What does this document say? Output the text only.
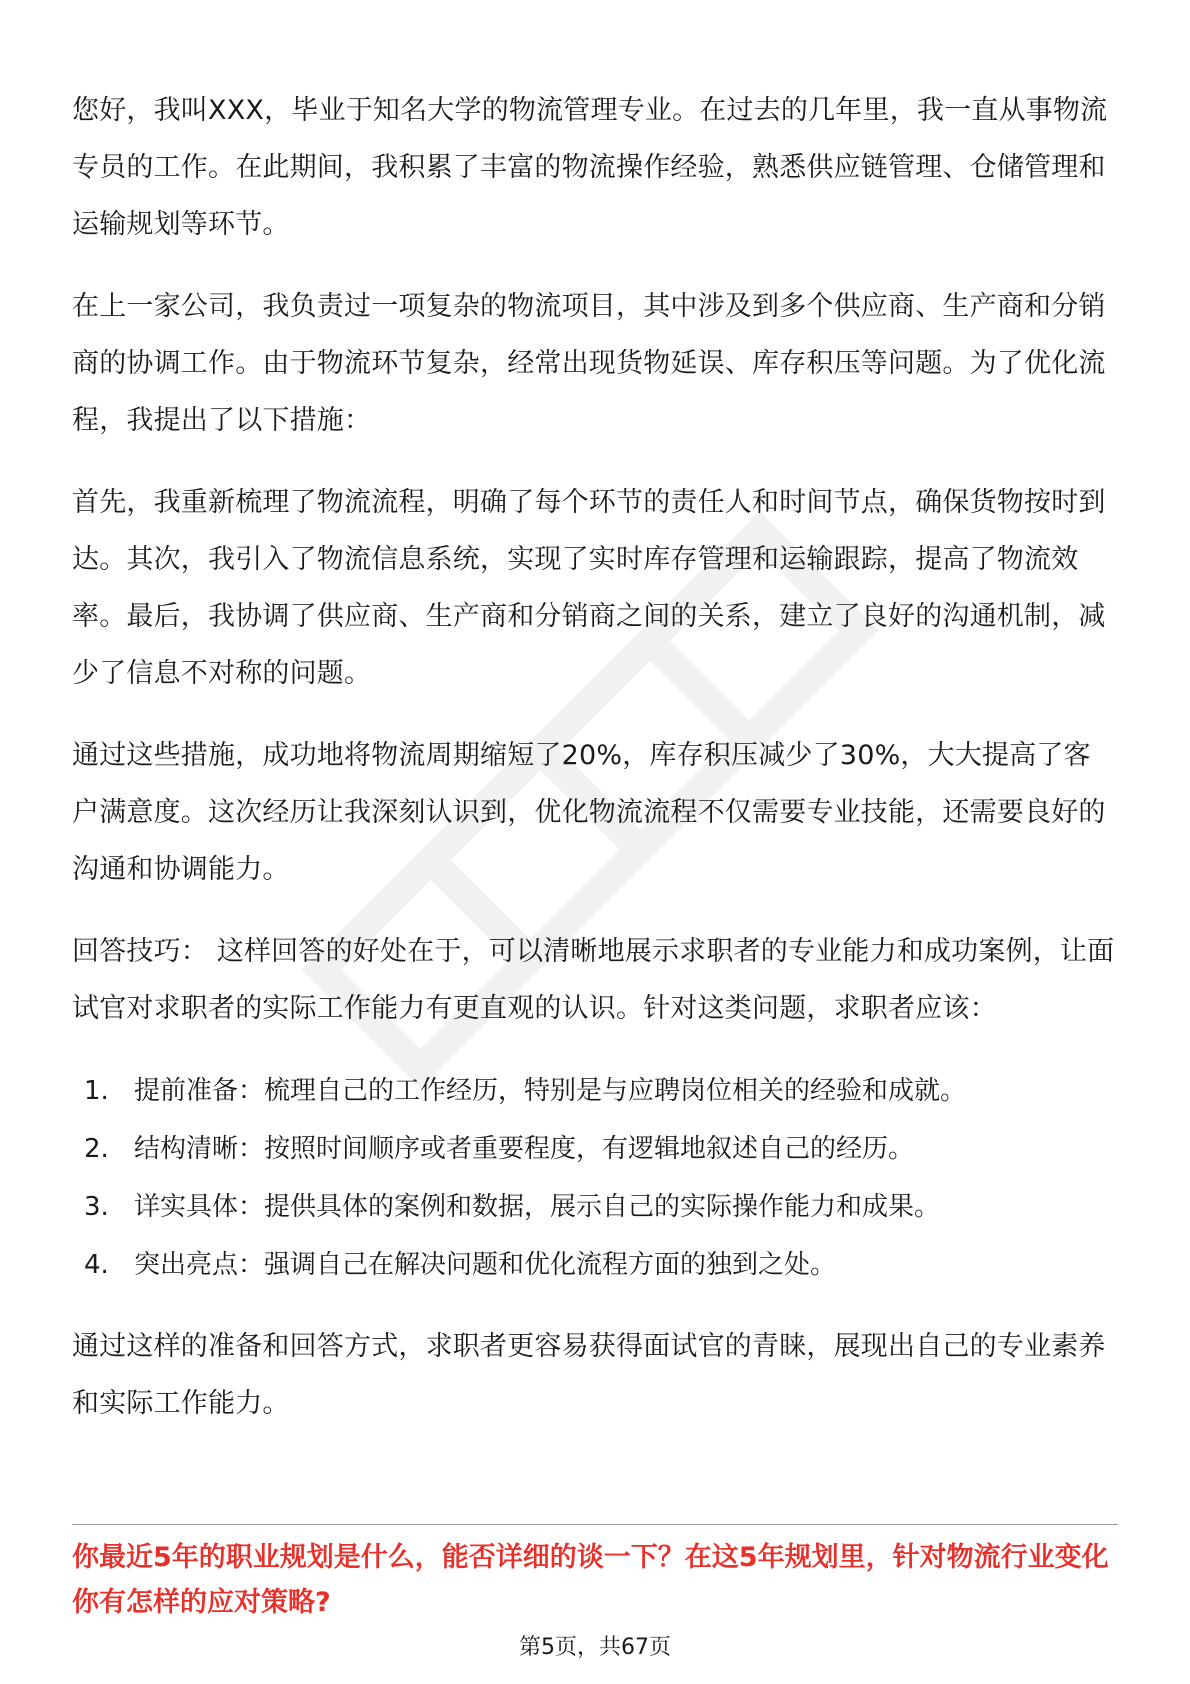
您好，我叫XXX，毕业于知名大学的物流管理专业。在过去的几年里，我一直从事物流专员的工作。在此期间，我积累了丰富的物流操作经验，熟悉供应链管理、仓储管理和运输规划等环节。

在上一家公司，我负责过一项复杂的物流项目，其中涉及到多个供应商、生产商和分销商的协调工作。由于物流环节复杂，经常出现货物延误、库存积压等问题。为了优化流程，我提出了以下措施：

首先，我重新梳理了物流流程，明确了每个环节的责任人和时间节点，确保货物按时到达。其次，我引入了物流信息系统，实现了实时库存管理和运输跟踪，提高了物流效率。最后，我协调了供应商、生产商和分销商之间的关系，建立了良好的沟通机制，减少了信息不对称的问题。

通过这些措施，成功地将物流周期缩短了20%，库存积压减少了30%，大大提高了客户满意度。这次经历让我深刻认识到，优化物流流程不仅需要专业技能，还需要良好的沟通和协调能力。

回答技巧： 这样回答的好处在于，可以清晰地展示求职者的专业能力和成功案例，让面试官对求职者的实际工作能力有更直观的认识。针对这类问题，求职者应该：

1. 提前准备：梳理自己的工作经历，特别是与应聘岗位相关的经验和成就。
2. 结构清晰：按照时间顺序或者重要程度，有逻辑地叙述自己的经历。
3. 详实具体：提供具体的案例和数据，展示自己的实际操作能力和成果。
4. 突出亮点：强调自己在解决问题和优化流程方面的独到之处。

通过这样的准备和回答方式，求职者更容易获得面试官的青睐，展现出自己的专业素养和实际工作能力。

你最近5年的职业规划是什么，能否详细的谈一下？在这5年规划里，针对物流行业变化你有怎样的应对策略?
第5页，共67页
